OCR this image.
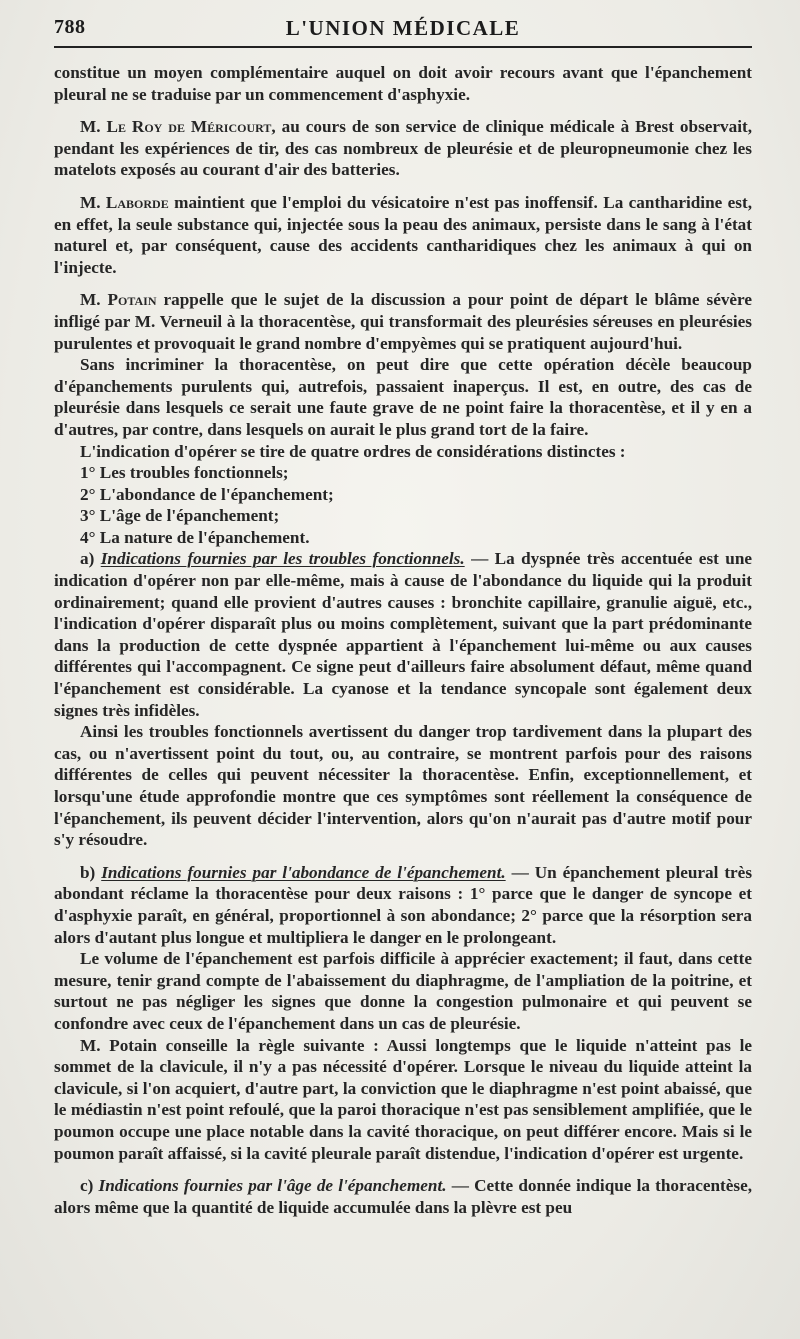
788	L'UNION MÉDICALE

constitue un moyen complémentaire auquel on doit avoir recours avant que l'épanchement pleural ne se traduise par un commencement d'asphyxie.

M. Le Roy de Méricourt, au cours de son service de clinique médicale à Brest observait, pendant les expériences de tir, des cas nombreux de pleurésie et de pleuropneumonie chez les matelots exposés au courant d'air des batteries.

M. Laborde maintient que l'emploi du vésicatoire n'est pas inoffensif. La cantharidine est, en effet, la seule substance qui, injectée sous la peau des animaux, persiste dans le sang à l'état naturel et, par conséquent, cause des accidents cantharidiques chez les animaux à qui on l'injecte.

M. Potain rappelle que le sujet de la discussion a pour point de départ le blâme sévère infligé par M. Verneuil à la thoracentèse, qui transformait des pleurésies séreuses en pleurésies purulentes et provoquait le grand nombre d'empyèmes qui se pratiquent aujourd'hui.

Sans incriminer la thoracentèse, on peut dire que cette opération décèle beaucoup d'épanchements purulents qui, autrefois, passaient inaperçus. Il est, en outre, des cas de pleurésie dans lesquels ce serait une faute grave de ne point faire la thoracentèse, et il y en a d'autres, par contre, dans lesquels on aurait le plus grand tort de la faire.

L'indication d'opérer se tire de quatre ordres de considérations distinctes :

1° Les troubles fonctionnels;

2° L'abondance de l'épanchement;

3° L'âge de l'épanchement;

4° La nature de l'épanchement.

a) Indications fournies par les troubles fonctionnels. — La dyspnée très accentuée est une indication d'opérer non par elle-même, mais à cause de l'abondance du liquide qui la produit ordinairement; quand elle provient d'autres causes : bronchite capillaire, granulie aiguë, etc., l'indication d'opérer disparaît plus ou moins complètement, suivant que la part prédominante dans la production de cette dyspnée appartient à l'épanchement lui-même ou aux causes différentes qui l'accompagnent. Ce signe peut d'ailleurs faire absolument défaut, même quand l'épanchement est considérable. La cyanose et la tendance syncopale sont également deux signes très infidèles.

Ainsi les troubles fonctionnels avertissent du danger trop tardivement dans la plupart des cas, ou n'avertissent point du tout, ou, au contraire, se montrent parfois pour des raisons différentes de celles qui peuvent nécessiter la thoracentèse. Enfin, exceptionnellement, et lorsqu'une étude approfondie montre que ces symptômes sont réellement la conséquence de l'épanchement, ils peuvent décider l'intervention, alors qu'on n'aurait pas d'autre motif pour s'y résoudre.

b) Indications fournies par l'abondance de l'épanchement. — Un épanchement pleural très abondant réclame la thoracentèse pour deux raisons : 1° parce que le danger de syncope et d'asphyxie paraît, en général, proportionnel à son abondance; 2° parce que la résorption sera alors d'autant plus longue et multipliera le danger en le prolongeant.

Le volume de l'épanchement est parfois difficile à apprécier exactement; il faut, dans cette mesure, tenir grand compte de l'abaissement du diaphragme, de l'ampliation de la poitrine, et surtout ne pas négliger les signes que donne la congestion pulmonaire et qui peuvent se confondre avec ceux de l'épanchement dans un cas de pleurésie.

M. Potain conseille la règle suivante : Aussi longtemps que le liquide n'atteint pas le sommet de la clavicule, il n'y a pas nécessité d'opérer. Lorsque le niveau du liquide atteint la clavicule, si l'on acquiert, d'autre part, la conviction que le diaphragme n'est point abaissé, que le médiastin n'est point refoulé, que la paroi thoracique n'est pas sensiblement amplifiée, que le poumon occupe une place notable dans la cavité thoracique, on peut différer encore. Mais si le poumon paraît affaissé, si la cavité pleurale paraît distendue, l'indication d'opérer est urgente.

c) Indications fournies par l'âge de l'épanchement. — Cette donnée indique la thoracentèse, alors même que la quantité de liquide accumulée dans la plèvre est peu
